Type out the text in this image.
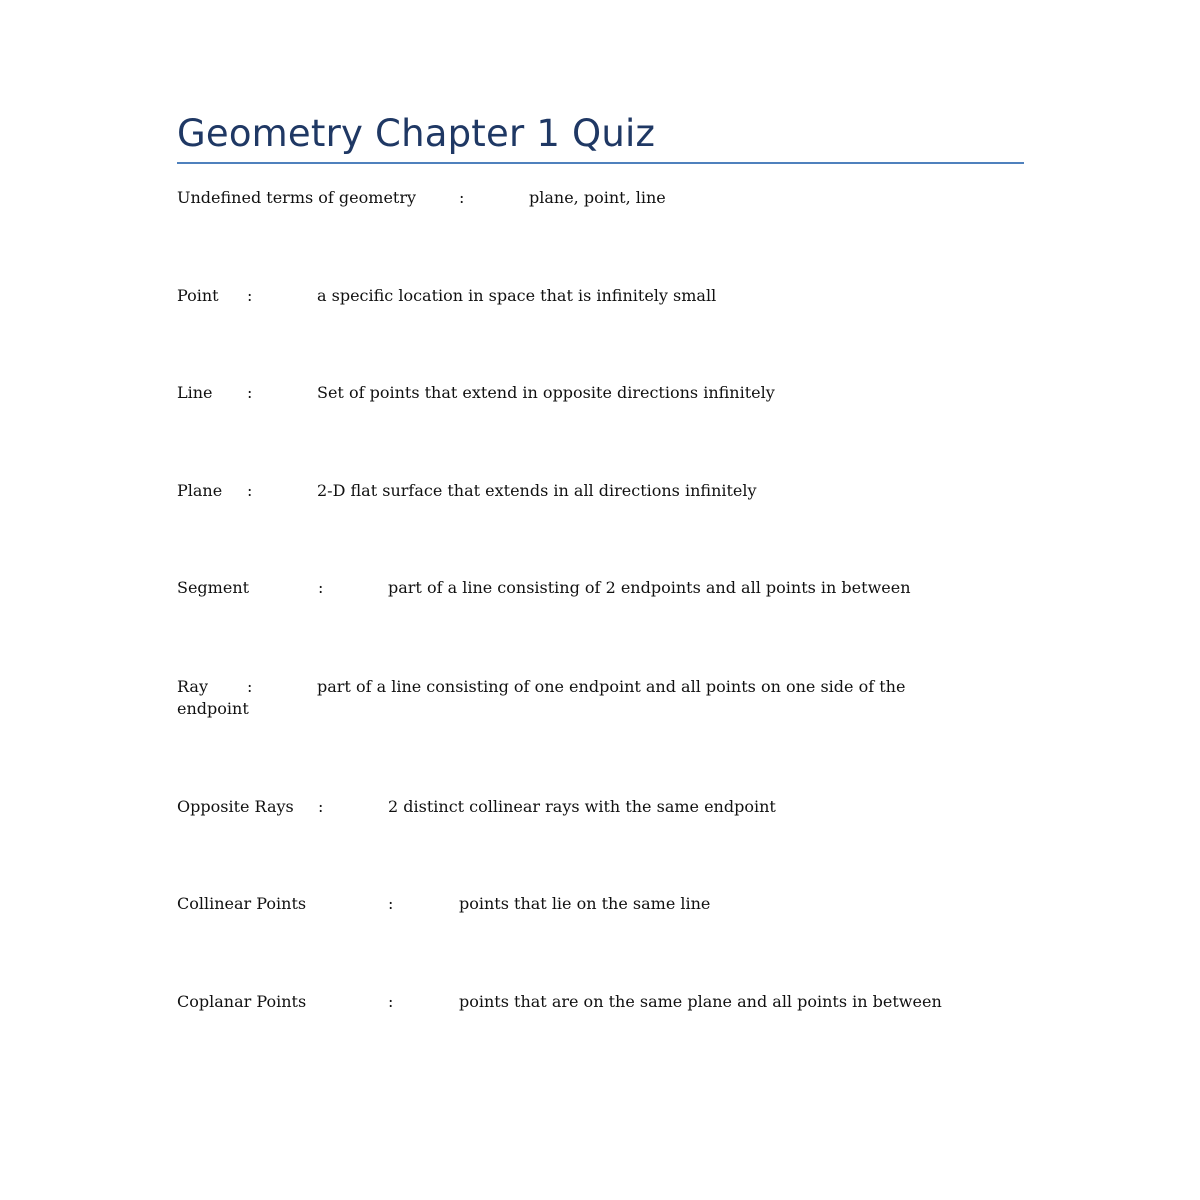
Geometry Chapter 1 Quiz
Undefined terms of geometry	:	plane, point, line
Point :	a specific location in space that is infinitely small
Line :	Set of points that extend in opposite directions infinitely
Plane :	2-D flat surface that extends in all directions infinitely
Segment	:	part of a line consisting of 2 endpoints and all points in between
Ray :	part of a line consisting of one endpoint and all points on one side of the
endpoint
Opposite Rays :	2 distinct collinear rays with the same endpoint
Collinear Points	:	points that lie on the same line
Coplanar Points	:	points that are on the same plane and all points in between
